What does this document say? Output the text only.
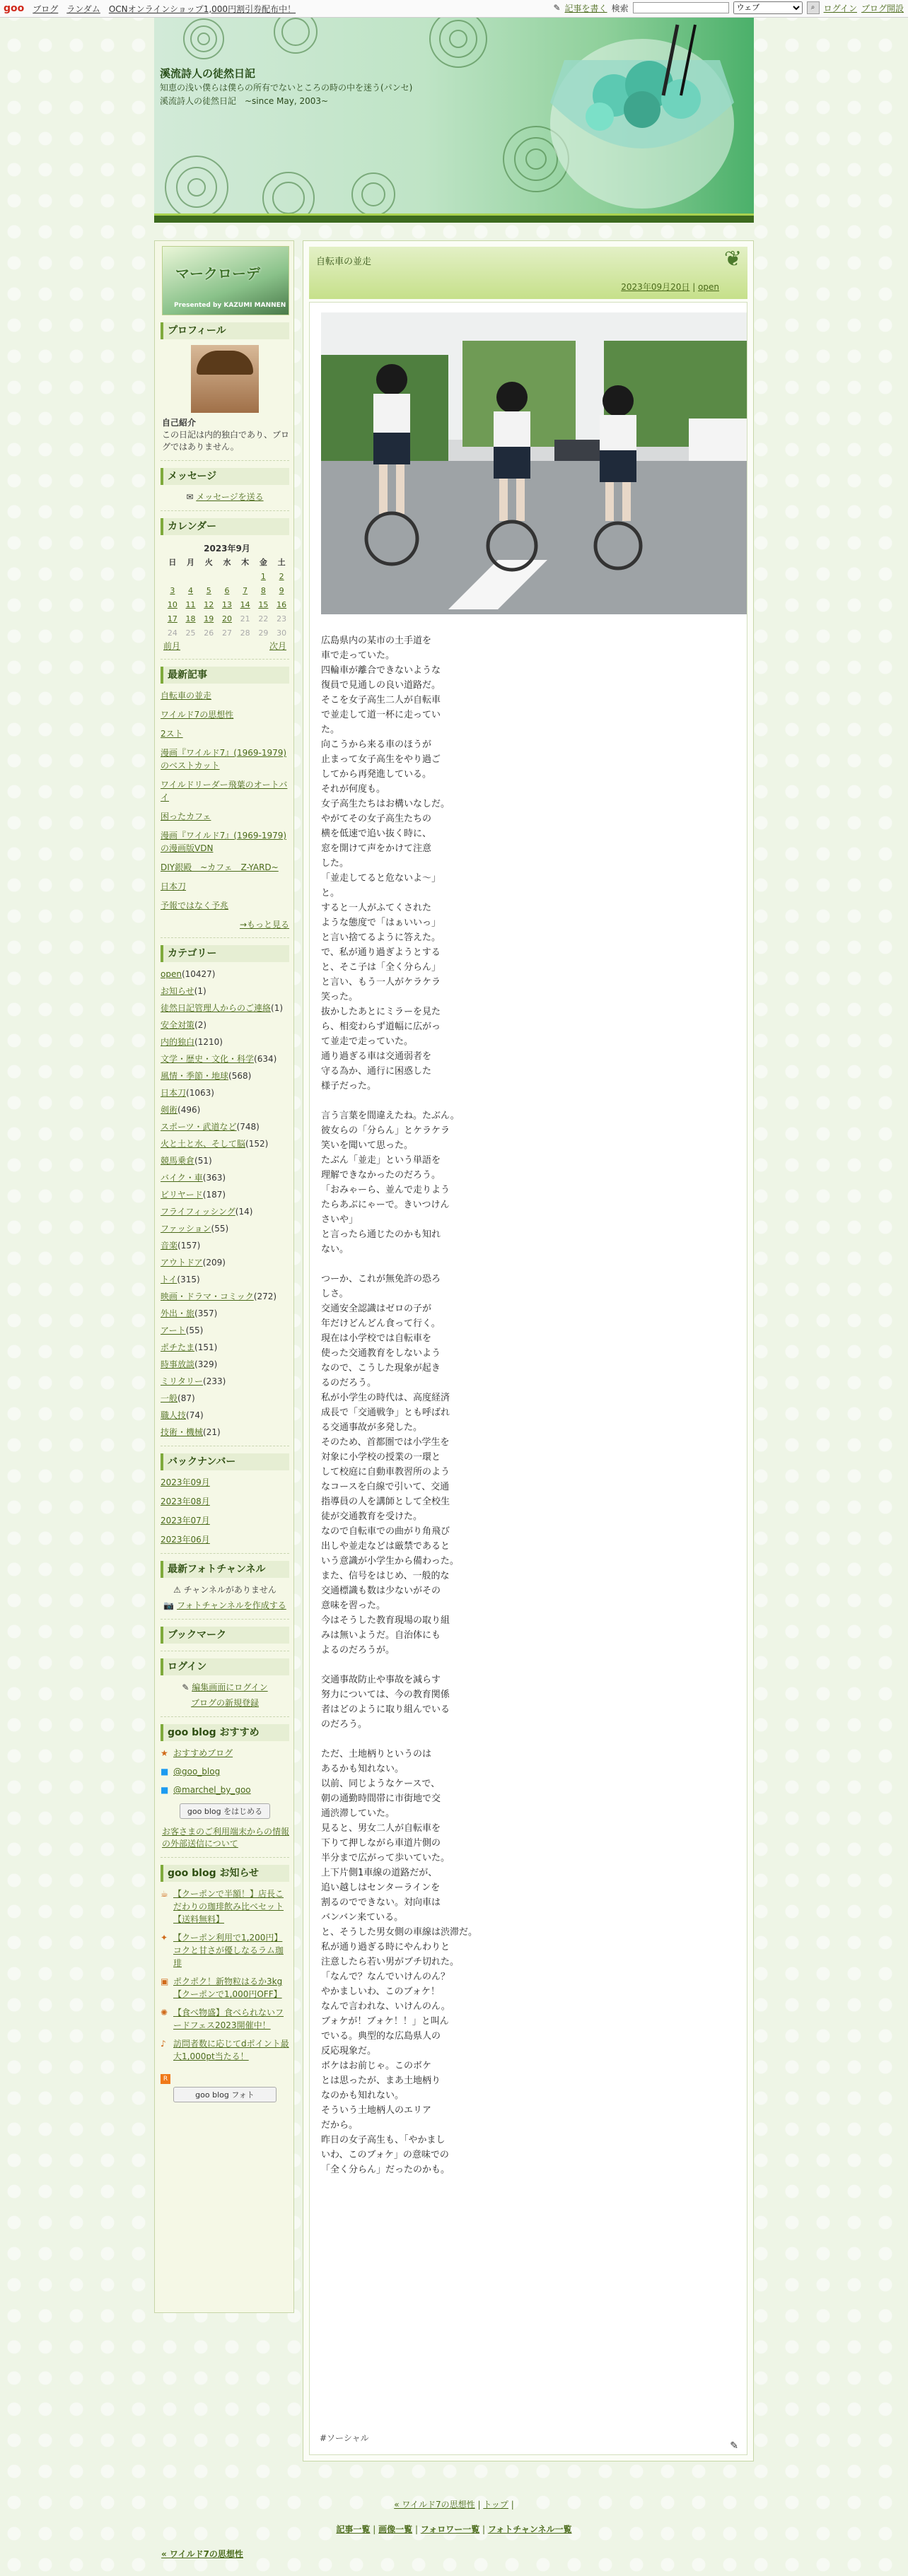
goo ブログ ランダム OCNオンラインショップ1,000円割引券配布中！	✎ 記事を書く 検索
ウェブ	⌕	ログイン ブログ開設
溪流詩人の徒然日記
知恵の浅い僕らは僕らの所有でないところの時の中を迷う(パンセ)　溪流詩人の徒然日記　~since May, 2003~
マークローデ
Presented by KAZUMI MANNEN
プロフィール
自己紹介
この日記は内的独白であり、ブログではありません。
メッセージ
✉ メッセージを送る
カレンダー
2023年9月						
日	月	火	水	木	金	土
					1	2
3	4	5	6	7	8	9
10	11	12	13	14	15	16
17	18	19	20	21	22	23
24	25	26	27	28	29	30
前月	次月
最新記事
自転車の並走
ワイルド7の思想性
2スト
漫画『ワイルド7』(1969-1979)のベストカット
ワイルドリーダー飛葉のオートバイ
困ったカフェ
漫画『ワイルド7』(1969-1979)の漫画版VDN
DIY銀殿　~カフェ　Z-YARD~
日本刀
予報ではなく予兆
→もっと見る
カテゴリー
open(10427)
お知らせ(1)
徒然日記管理人からのご連絡(1)
安全対策(2)
内的独白(1210)
文学・歴史・文化・科学(634)
風情・季節・地球(568)
日本刀(1063)
剣術(496)
スポーツ・武道など(748)
火と土と水、そして脳(152)
競馬乗倉(51)
バイク・車(363)
ビリヤード(187)
フライフィッシング(14)
ファッション(55)
音楽(157)
アウトドア(209)
トイ(315)
映画・ドラマ・コミック(272)
外出・旅(357)
アート(55)
ポチたま(151)
時事放談(329)
ミリタリー(233)
一般(87)
職人技(74)
技術・機械(21)
バックナンバー
2023年09月
2023年08月
2023年07月
2023年06月
最新フォトチャンネル
⚠ チャンネルがありません
📷 フォトチャンネルを作成する
ブックマーク
ログイン
✎ 編集画面にログイン
ブログの新規登録
goo blog おすすめ
★ おすすめブログ
■ @goo_blog
■ @marchel_by_goo
goo blog をはじめる
お客さまのご利用端末からの情報の外部送信について
goo blog お知らせ
☕ 【クーポンで半額！】店長こだわりの珈琲飲み比べセット【送料無料】
✦ 【クーポン利用で1,200円】コクと甘さが優しなるラム珈琲
▣ ポクポク！新物粒はるか3kg【クーポンで1,000円OFF】
✺ 【食べ物盛】食べられないフードフェス2023開催中！
♪ 訪問者数に応じてdポイント最大1,000pt当たる！
R
goo blog フォト
自転車の並走
2023年09月20日 | open
❦
広島県内の某市の土手道を
車で走っていた。
四輪車が離合できないような
復員で見通しの良い道路だ。
そこを女子高生二人が自転車
で並走して道一杯に走ってい
た。
向こうから来る車のほうが
止まって女子高生をやり過ご
してから再発進している。
それが何度も。
女子高生たちはお構いなしだ。
やがてその女子高生たちの
横を低速で追い抜く時に、
窓を開けて声をかけて注意
した。
「並走してると危ないよ〜」
と。
すると一人がふてくされた
ような態度で「はぁいいっ」
と言い捨てるように答えた。
で、私が通り過ぎようとする
と、そこ子は「全く分らん」
と言い、もう一人がケラケラ
笑った。
抜かしたあとにミラーを見た
ら、相変わらず道幅に広がっ
て並走で走っていた。
通り過ぎる車は交通弱者を
守る為か、通行に困惑した
様子だった。

言う言葉を間違えたね。たぶん。
彼女らの「分らん」とケラケラ
笑いを聞いて思った。
たぶん「並走」という単語を
理解できなかったのだろう。
「おみゃーら、並んで走りよう
たらあぶにゃーで。きいつけん
さいや」
と言ったら通じたのかも知れ
ない。

つーか、これが無免許の恐ろ
しさ。
交通安全認識はゼロの子が
年だけどんどん食って行く。
現在は小学校では自転車を
使った交通教育をしないよう
なので、こうした現象が起き
るのだろう。
私が小学生の時代は、高度経済
成長で「交通戦争」とも呼ばれ
る交通事故が多発した。
そのため、首都圏では小学生を
対象に小学校の授業の一環と
して校庭に自動車教習所のよう
なコースを白線で引いて、交通
指導員の人を講師として全校生
徒が交通教育を受けた。
なので自転車での曲がり角飛び
出しや並走などは厳禁であると
いう意識が小学生から備わった。
また、信号をはじめ、一般的な
交通標識も数は少ないがその
意味を習った。
今はそうした教育現場の取り組
みは無いようだ。自治体にも
よるのだろうが。

交通事故防止や事故を減らす
努力については、今の教育関係
者はどのように取り組んでいる
のだろう。

ただ、土地柄りというのは
あるかも知れない。
以前、同じようなケースで、
朝の通勤時間帯に市街地で交
通渋滞していた。
見ると、男女二人が自転車を
下りて押しながら車道片側の
半分まで広がって歩いていた。
上下片側1車線の道路だが、
追い越しはセンターラインを
割るのでできない。対向車は
バンバン来ている。
と、そうした男女側の車線は渋滞だ。
私が通り過ぎる時にやんわりと
注意したら若い男がブチ切れた。
「なんで？なんでいけんのん？
やかましいわ、このブォケ！
なんで言われな、いけんのん。
ブォケが！ブォケ！！」と叫ん
でいる。典型的な広島県人の
反応現象だ。
ボケはお前じゃ。このボケ
とは思ったが、まあ土地柄り
なのかも知れない。
そういう土地柄人のエリア
だから。
昨日の女子高生も、「やかまし
いわ、このブォケ」の意味での
「全く分らん」だったのかも。
#ソーシャル
✎
« ワイルド7の思想性 | トップ |
記事一覧 | 画像一覧 | フォロワー一覧 | フォトチャンネル一覧
« ワイルド7の思想性
